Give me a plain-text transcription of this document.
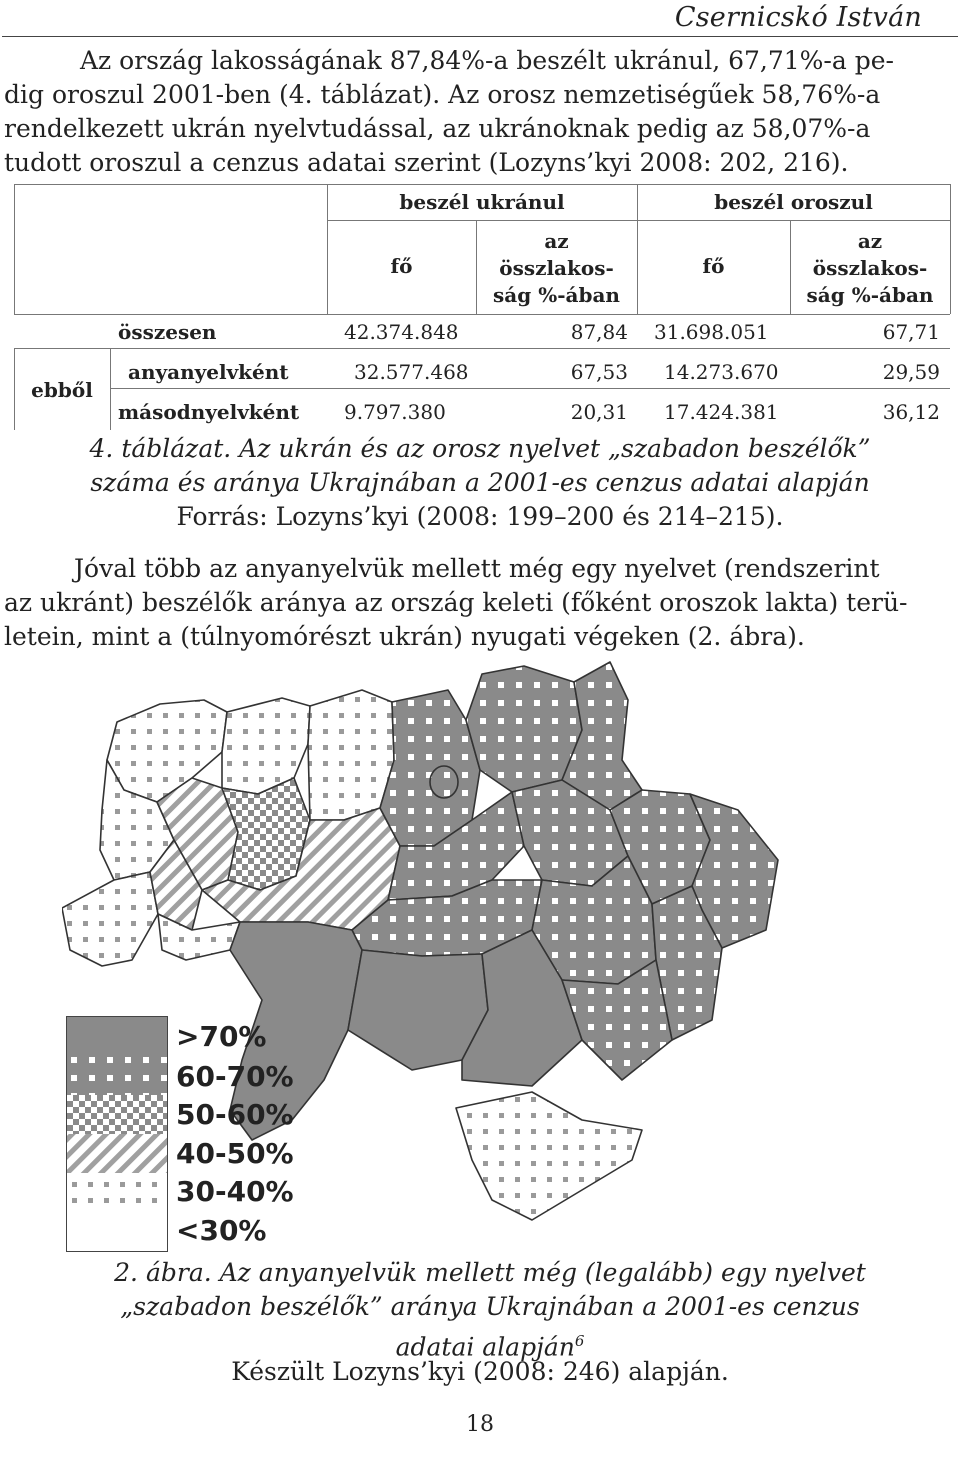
Csernicskó István
Az ország lakosságának 87,84%-a beszélt ukránul, 67,71%-a pe-
dig oroszul 2001-ben (4. táblázat). Az orosz nemzetiségűek 58,76%-a
rendelkezett ukrán nyelvtudással, az ukránoknak pedig az 58,07%-a
tudott oroszul a cenzus adatai szerint (Lozyns’kyi 2008: 202, 216).
beszél ukránul	beszél oroszul
fő
az
összlakos-
ság %-ában
fő
az
összlakos-
ság %-ában
összesen	42.374.848	87,84 31.698.051	67,71
ebből
anyanyelvként	32.577.468	67,53 14.273.670	29,59
másodnyelvként 9.797.380	20,31 17.424.381	36,12
4. táblázat. Az ukrán és az orosz nyelvet „szabadon beszélők”
száma és aránya Ukrajnában a 2001-es cenzus adatai alapján
Forrás: Lozyns’kyi (2008: 199–200 és 214–215).
Jóval több az anyanyelvük mellett még egy nyelvet (rendszerint
az ukránt) beszélők aránya az ország keleti (főként oroszok lakta) terü-
letein, mint a (túlnyomórészt ukrán) nyugati végeken (2. ábra).
>70%
60-70%
50-60%
40-50%
30-40%
<30%
2. ábra. Az anyanyelvük mellett még (legalább) egy nyelvet
„szabadon beszélők” aránya Ukrajnában a 2001-es cenzus
adatai alapján$^6$
Készült Lozyns’kyi (2008: 246) alapján.
18
